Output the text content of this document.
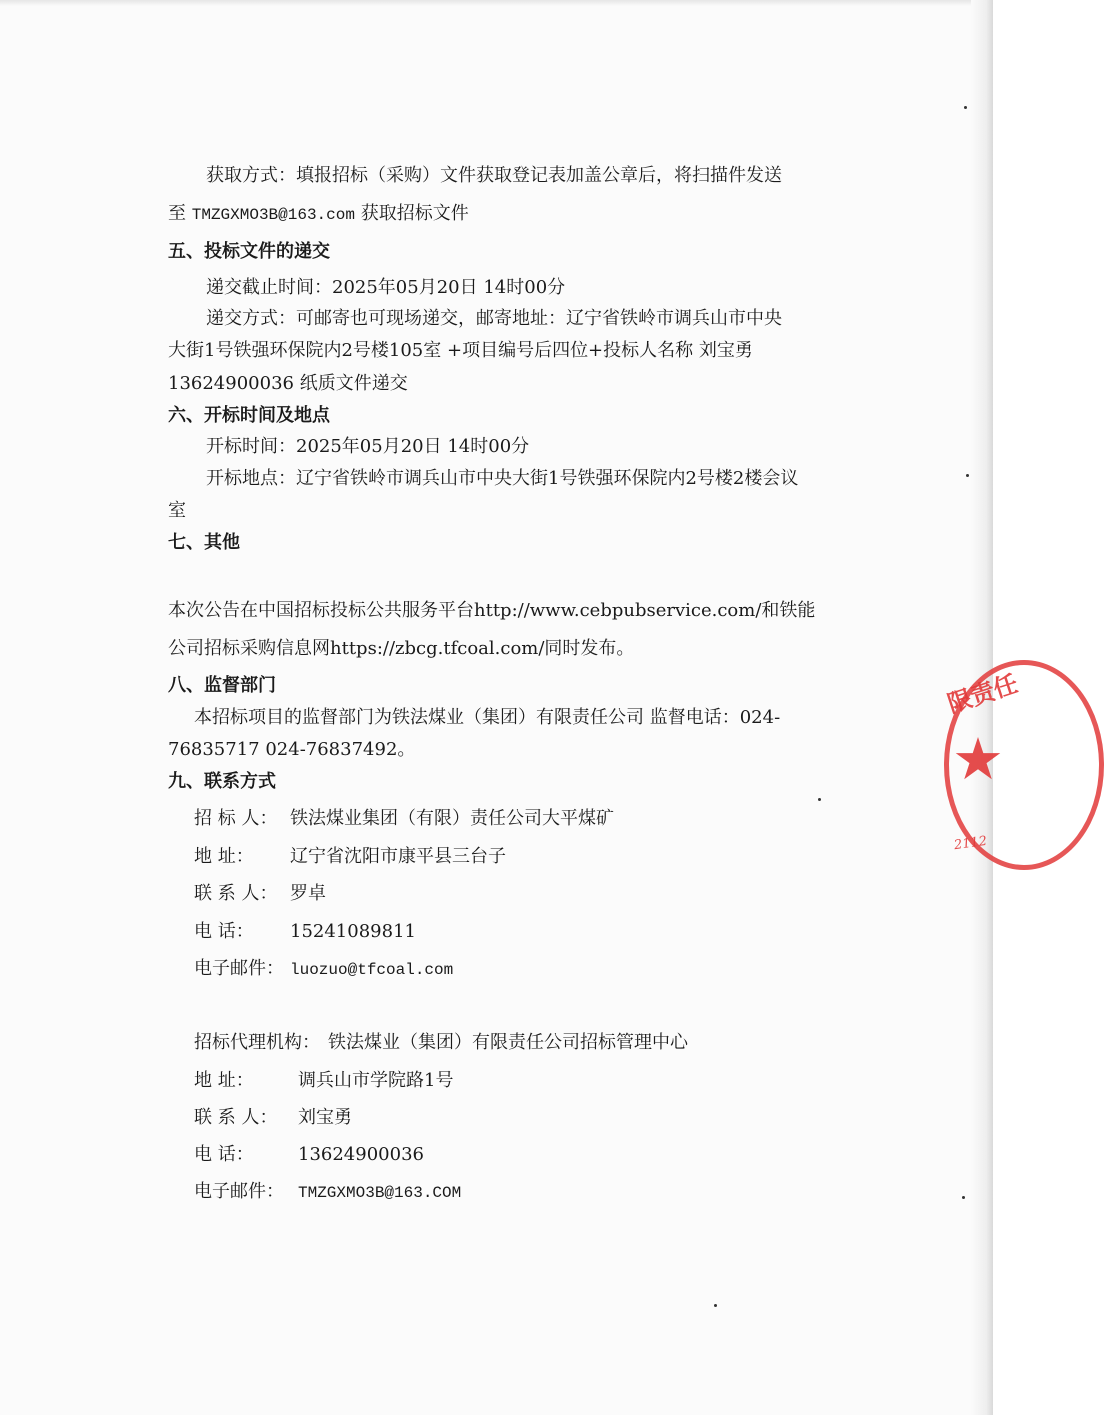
获取方式：填报招标（采购）文件获取登记表加盖公章后，将扫描件发送
至 TMZGXMO3B@163.com 获取招标文件
五、投标文件的递交
递交截止时间：2025年05月20日 14时00分
递交方式：可邮寄也可现场递交，邮寄地址：辽宁省铁岭市调兵山市中央
大街1号铁强环保院内2号楼105室 +项目编号后四位+投标人名称 刘宝勇
13624900036 纸质文件递交
六、开标时间及地点
开标时间：2025年05月20日 14时00分
开标地点：辽宁省铁岭市调兵山市中央大街1号铁强环保院内2号楼2楼会议
室
七、其他
本次公告在中国招标投标公共服务平台http://www.cebpubservice.com/和铁能
公司招标采购信息网https://zbcg.tfcoal.com/同时发布。
八、监督部门
本招标项目的监督部门为铁法煤业（集团）有限责任公司 监督电话：024-
76835717 024-76837492。
九、联系方式
招 标 人： 铁法煤业集团（有限）责任公司大平煤矿
地 址： 辽宁省沈阳市康平县三台子
联 系 人： 罗卓
电 话： 15241089811
电子邮件： luozuo@tfcoal.com
招标代理机构： 铁法煤业（集团）有限责任公司招标管理中心
地 址： 调兵山市学院路1号
联 系 人： 刘宝勇
电 话： 13624900036
电子邮件： TMZGXMO3B@163.COM
限责任
★
2112
